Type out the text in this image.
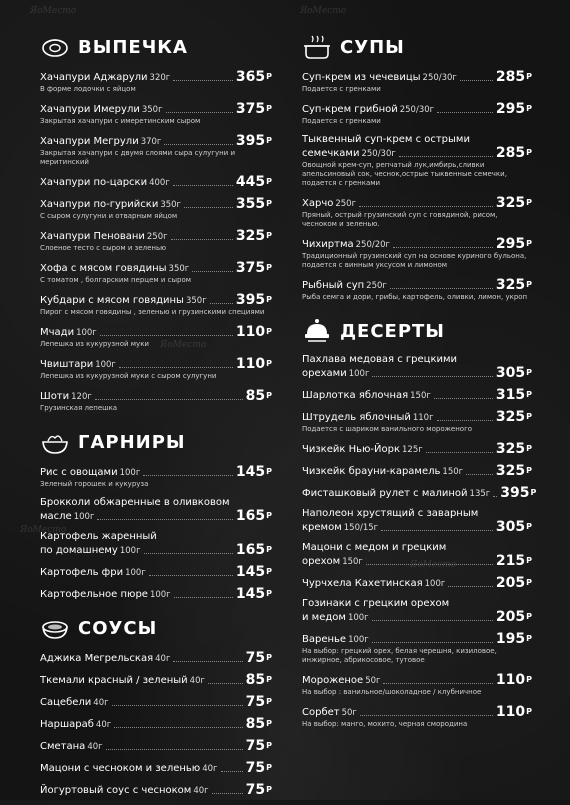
ЯоМесто	ЯоМесто
ЯоМесто
ЯоМесто
ЯоМесто
ВЫПЕЧКА
Хачапури Аджарули 320г	$365^Р$
В форме лодочки с яйцом
Хачапури Имерули 350г	$375^Р$
Закрытая хачапури с имеретинским сыром
Хачапури Мегрули 370г	$395^Р$
Закрытая хачапури с двумя слоями сыра сулугуни и меритинский
Хачапури по-царски 400г	$445^Р$
Хачапури по-гурийски 350г	$355^Р$
С сыром сулугуни и отварным яйцом
Хачапури Пеновани 250г	$325^Р$
Слоеное тесто с сыром и зеленью
Хофа с мясом говядины 350г	$375^Р$
С томатом , болгарским перцем и сыром
Кубдари с мясом говядины 350г $395^Р$
Пирог с мясом говядины , зеленью и грузинскими специями
Мчади 100г	$110^Р$
Лепешка из кукурузной муки
Чвиштари 100г	$110^Р$
Лепешка из кукурузной муки с сыром сулугуни
Шоти 120г	$85^Р$
Грузинская лепешка
ГАРНИРЫ
Рис с овощами 100г	$145^Р$
Зеленый горошек и кукуруза
Брокколи обжаренные в оливковом
масле 100г	$165^Р$
Картофель жаренный
по домашнему 100г	$165^Р$
Картофель фри 100г	$145^Р$
Картофельное пюре 100г	$145^Р$
СОУСЫ
Аджика Мегрельская 40г	$75^Р$
Ткемали красный / зеленый 40г	$85^Р$
Сацебели 40г	$75^Р$
Наршараб 40г	$85^Р$
Сметана 40г	$75^Р$
Мацони с чесноком и зеленью 40г $75^Р$
Йогуртовый соус с чесноком 40г	$75^Р$
СУПЫ
Суп-крем из чечевицы 250/30г	$285^Р$
Подается с гренками
Суп-крем грибной 250/30г	$295^Р$
Подается с гренками
Тыквенный суп-крем с острыми
семечками 250/30г	$285^Р$
Овощной крем-суп, репчатый лук,имбирь,сливки апельсиновый сок, чеснок,острые тыквенные семечки, подается с гренками
Харчо 250г	$325^Р$
Пряный, острый грузинский суп с говядиной, рисом, чесноком и зеленью.
Чихиртма 250/20г	$295^Р$
Традиционный грузинский суп на основе куриного бульона, подается с винным уксусом и лимоном
Рыбный суп 250г	$325^Р$
Рыба семга и дори, грибы, картофель, оливки, лимон, укроп
ДЕСЕРТЫ
Пахлава медовая с грецкими
орехами 100г	$305^Р$
Шарлотка яблочная 150г	$315^Р$
Штрудель яблочный 110г	$325^Р$
Подается с шариком ванильного мороженого
Чизкейк Нью-Йорк 125г	$325^Р$
Чизкейк брауни-карамель 150г $325^Р$
Фисташковый рулет с малиной 135г $395^Р$
Наполеон хрустящий с заварным
кремом 150/15г	$305^Р$
Мацони с медом и грецким
орехом 150г	$215^Р$
Чурчхела Кахетинская 100г	$205^Р$
Гозинаки с грецким орехом
и медом 100г	$205^Р$
Варенье 100г	$195^Р$
На выбор: грецкий орех, белая черешня, кизиловое, инжирное, абрикосовое, тутовое
Мороженое 50г	$110^Р$
На выбор : ванильное/шоколадное / клубничное
Сорбет 50г	$110^Р$
На выбор: манго, мохито, черная смородина
